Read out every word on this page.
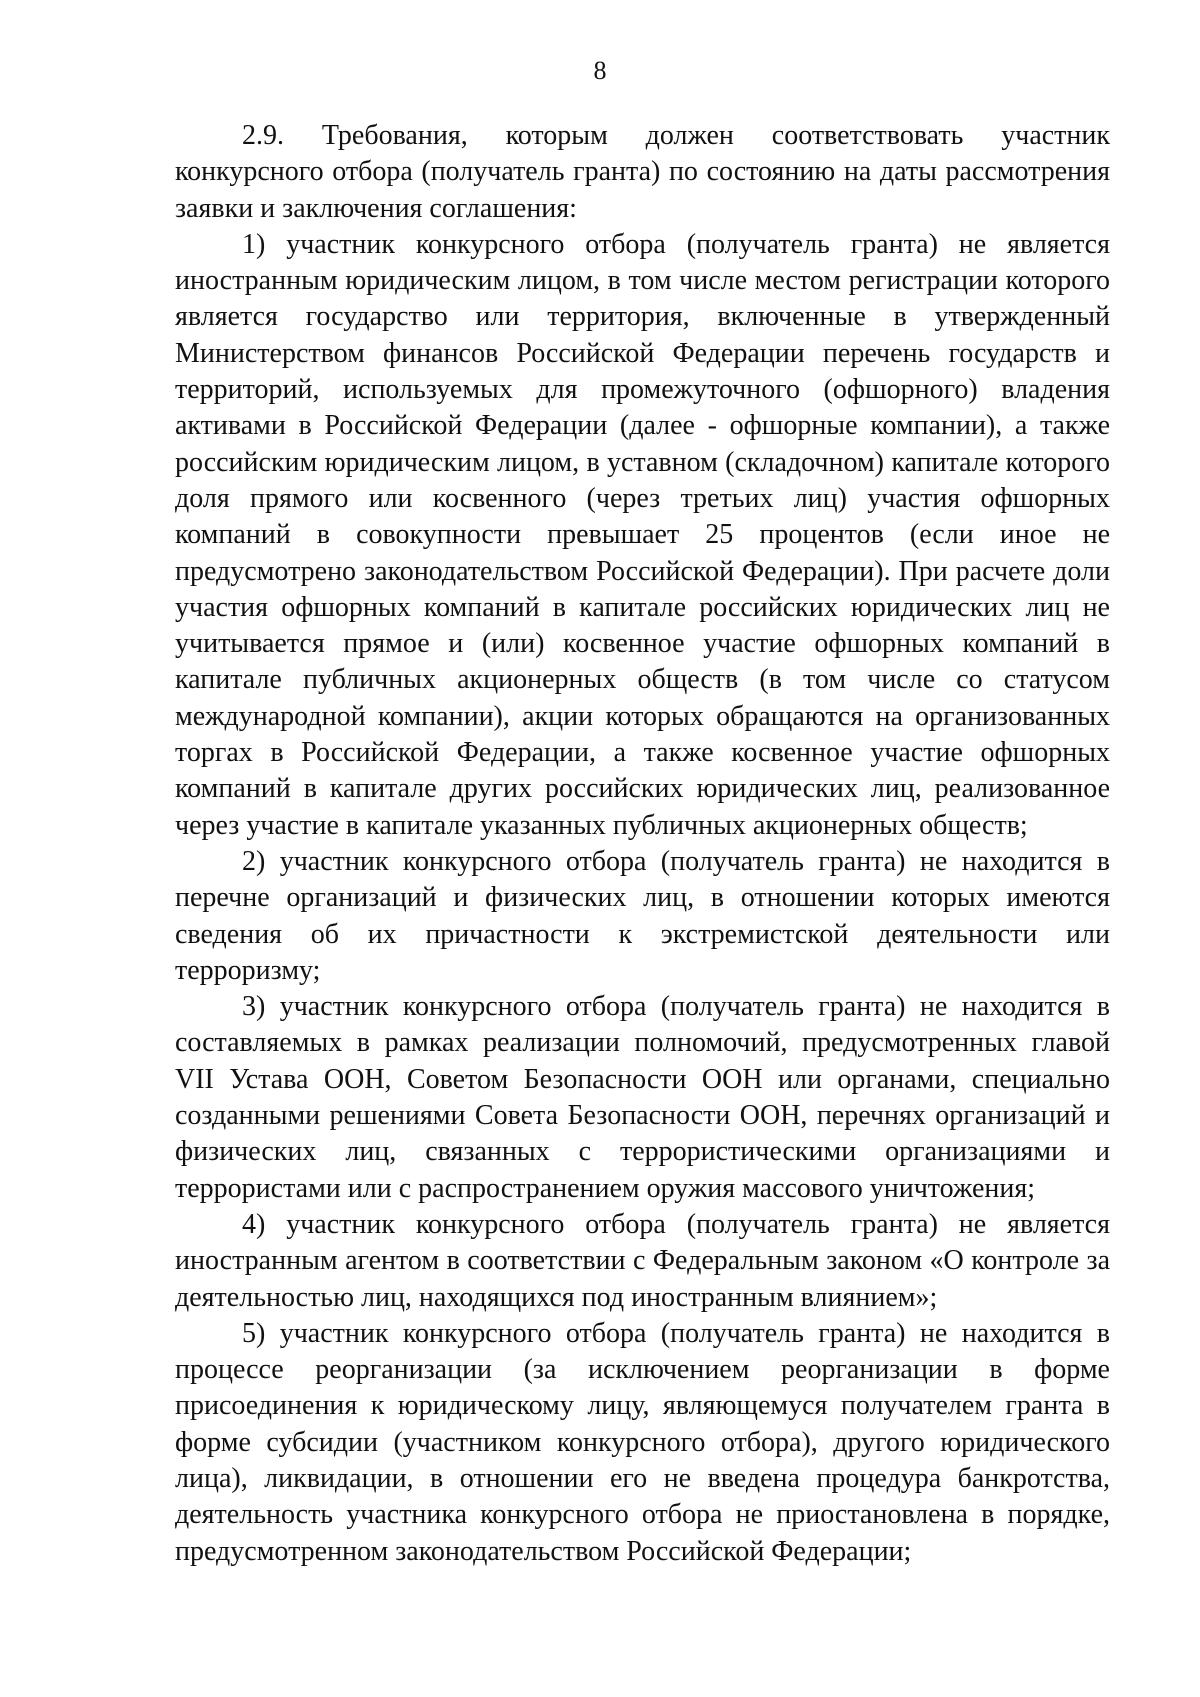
8

2.9. Требования, которым должен соответствовать участник конкурсного отбора (получатель гранта) по состоянию на даты рассмотрения заявки и заключения соглашения:

1) участник конкурсного отбора (получатель гранта) не является иностранным юридическим лицом, в том числе местом регистрации которого является государство или территория, включенные в утвержденный Министерством финансов Российской Федерации перечень государств и территорий, используемых для промежуточного (офшорного) владения активами в Российской Федерации (далее - офшорные компании), а также российским юридическим лицом, в уставном (складочном) капитале которого доля прямого или косвенного (через третьих лиц) участия офшорных компаний в совокупности превышает 25 процентов (если иное не предусмотрено законодательством Российской Федерации). При расчете доли участия офшорных компаний в капитале российских юридических лиц не учитывается прямое и (или) косвенное участие офшорных компаний в капитале публичных акционерных обществ (в том числе со статусом международной компании), акции которых обращаются на организованных торгах в Российской Федерации, а также косвенное участие офшорных компаний в капитале других российских юридических лиц, реализованное через участие в капитале указанных публичных акционерных обществ;

2) участник конкурсного отбора (получатель гранта) не находится в перечне организаций и физических лиц, в отношении которых имеются сведения об их причастности к экстремистской деятельности или терроризму;

3) участник конкурсного отбора (получатель гранта) не находится в составляемых в рамках реализации полномочий, предусмотренных главой VII Устава ООН, Советом Безопасности ООН или органами, специально созданными решениями Совета Безопасности ООН, перечнях организаций и физических лиц, связанных с террористическими организациями и террористами или с распространением оружия массового уничтожения;

4) участник конкурсного отбора (получатель гранта) не является иностранным агентом в соответствии с Федеральным законом «О контроле за деятельностью лиц, находящихся под иностранным влиянием»;

5) участник конкурсного отбора (получатель гранта) не находится в процессе реорганизации (за исключением реорганизации в форме присоединения к юридическому лицу, являющемуся получателем гранта в форме субсидии (участником конкурсного отбора), другого юридического лица), ликвидации, в отношении его не введена процедура банкротства, деятельность участника конкурсного отбора не приостановлена в порядке, предусмотренном законодательством Российской Федерации;
